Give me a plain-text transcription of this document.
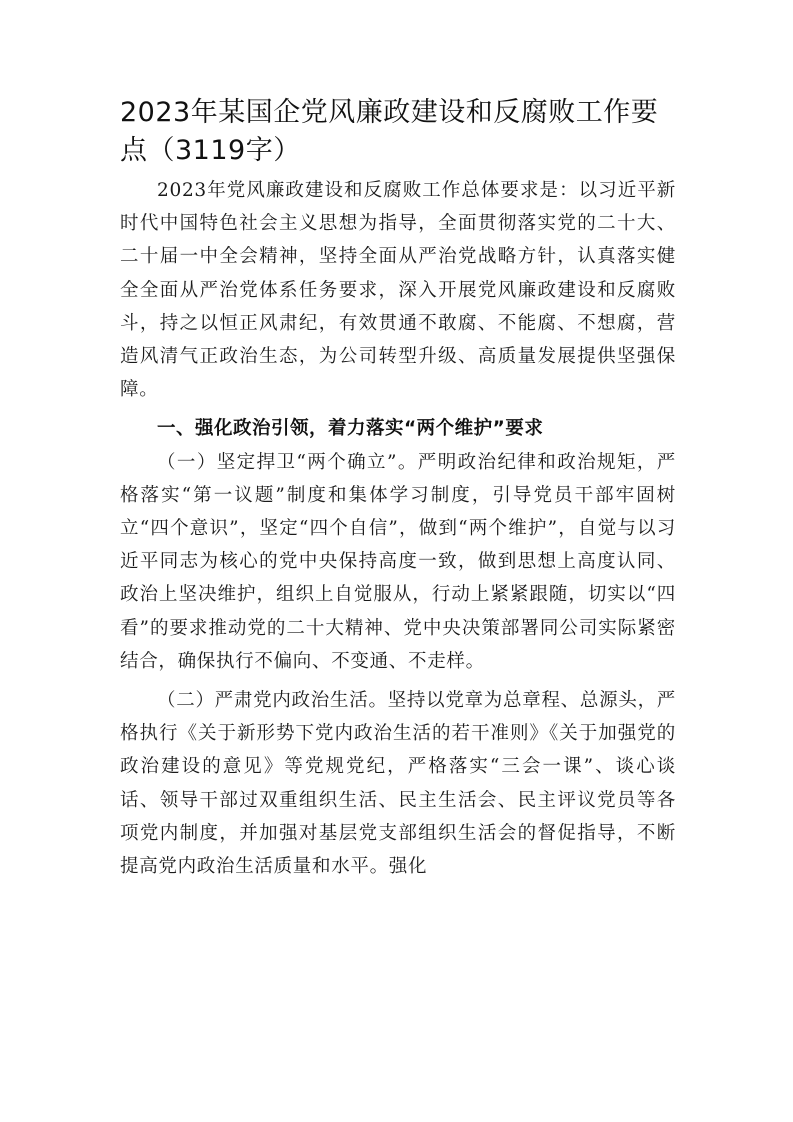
2023年某国企党风廉政建设和反腐败工作要点（3119字）

2023年党风廉政建设和反腐败工作总体要求是：以习近平新时代中国特色社会主义思想为指导，全面贯彻落实党的二十大、二十届一中全会精神，坚持全面从严治党战略方针，认真落实健全全面从严治党体系任务要求，深入开展党风廉政建设和反腐败斗，持之以恒正风肃纪，有效贯通不敢腐、不能腐、不想腐，营造风清气正政治生态，为公司转型升级、高质量发展提供坚强保障。

一、强化政治引领，着力落实“两个维护”要求

（一）坚定捍卫“两个确立”。严明政治纪律和政治规矩，严格落实“第一议题”制度和集体学习制度，引导党员干部牢固树立“四个意识”，坚定“四个自信”，做到“两个维护”，自觉与以习近平同志为核心的党中央保持高度一致，做到思想上高度认同、政治上坚决维护，组织上自觉服从，行动上紧紧跟随，切实以“四看”的要求推动党的二十大精神、党中央决策部署同公司实际紧密结合，确保执行不偏向、不变通、不走样。

（二）严肃党内政治生活。坚持以党章为总章程、总源头，严格执行《关于新形势下党内政治生活的若干准则》《关于加强党的政治建设的意见》等党规党纪，严格落实“三会一课”、谈心谈话、领导干部过双重组织生活、民主生活会、民主评议党员等各项党内制度，并加强对基层党支部组织生活会的督促指导，不断提高党内政治生活质量和水平。强化
